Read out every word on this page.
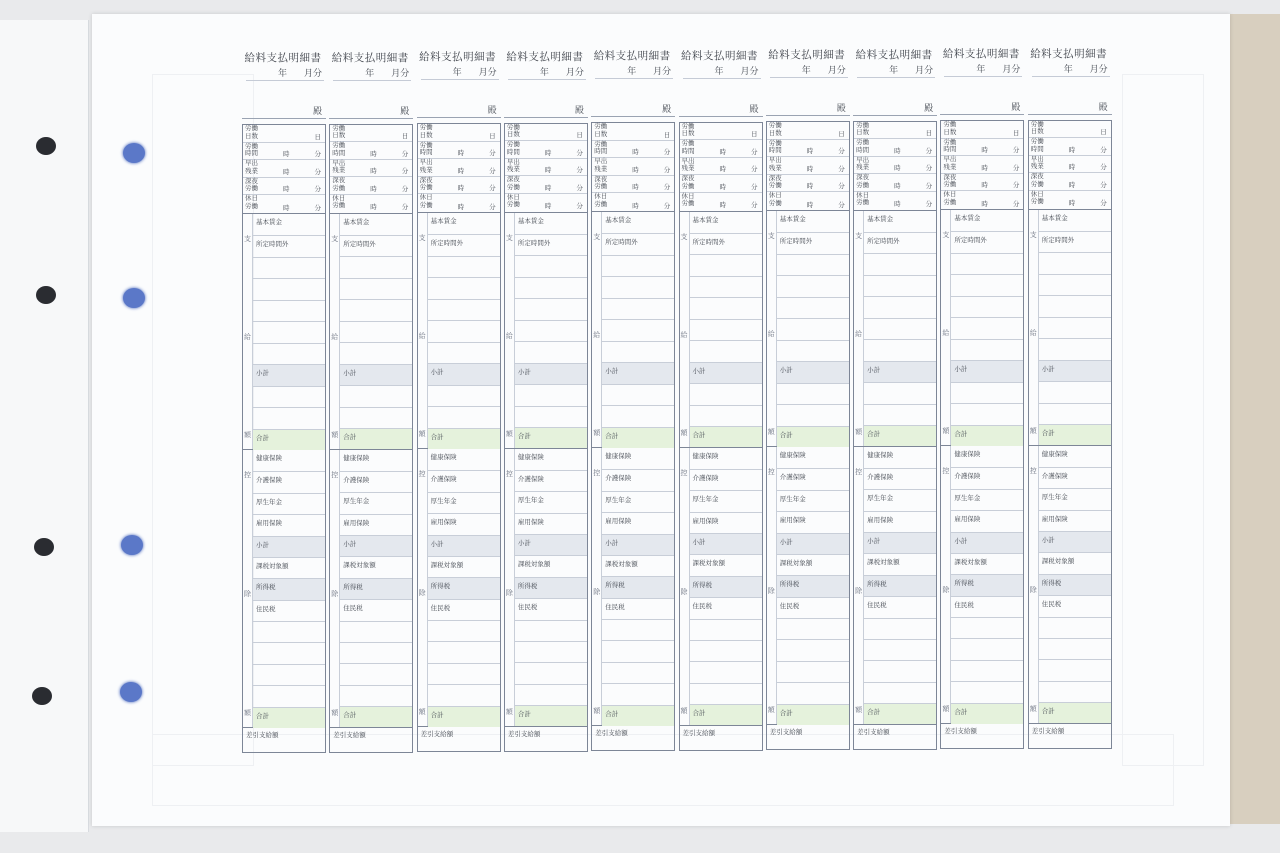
給料支払明細書
年 月分
殿
労働日数	日
労働時間	時	分
早出残業	時	分
深夜労働	時	分
休日労働	時	分
支
給
額
基本賃金
所定時間外
小計
合計
控
除
額
健康保険
介護保険
厚生年金
雇用保険
小計
課税対象額
所得税
住民税
合計
差引支給額
給料支払明細書
年 月分
殿
労働日数	日
労働時間	時	分
早出残業	時	分
深夜労働	時	分
休日労働	時	分
支
給
額
基本賃金
所定時間外
小計
合計
控
除
額
健康保険
介護保険
厚生年金
雇用保険
小計
課税対象額
所得税
住民税
合計
差引支給額
給料支払明細書
年 月分
殿
労働日数	日
労働時間	時	分
早出残業	時	分
深夜労働	時	分
休日労働	時	分
支
給
額
基本賃金
所定時間外
小計
合計
控
除
額
健康保険
介護保険
厚生年金
雇用保険
小計
課税対象額
所得税
住民税
合計
差引支給額
給料支払明細書
年 月分
殿
労働日数	日
労働時間	時	分
早出残業	時	分
深夜労働	時	分
休日労働	時	分
支
給
額
基本賃金
所定時間外
小計
合計
控
除
額
健康保険
介護保険
厚生年金
雇用保険
小計
課税対象額
所得税
住民税
合計
差引支給額
給料支払明細書
年 月分
殿
労働日数	日
労働時間	時	分
早出残業	時	分
深夜労働	時	分
休日労働	時	分
支
給
額
基本賃金
所定時間外
小計
合計
控
除
額
健康保険
介護保険
厚生年金
雇用保険
小計
課税対象額
所得税
住民税
合計
差引支給額
給料支払明細書
年 月分
殿
労働日数	日
労働時間	時	分
早出残業	時	分
深夜労働	時	分
休日労働	時	分
支
給
額
基本賃金
所定時間外
小計
合計
控
除
額
健康保険
介護保険
厚生年金
雇用保険
小計
課税対象額
所得税
住民税
合計
差引支給額
給料支払明細書
年 月分
殿
労働日数	日
労働時間	時	分
早出残業	時	分
深夜労働	時	分
休日労働	時	分
支
給
額
基本賃金
所定時間外
小計
合計
控
除
額
健康保険
介護保険
厚生年金
雇用保険
小計
課税対象額
所得税
住民税
合計
差引支給額
給料支払明細書
年 月分
殿
労働日数	日
労働時間	時	分
早出残業	時	分
深夜労働	時	分
休日労働	時	分
支
給
額
基本賃金
所定時間外
小計
合計
控
除
額
健康保険
介護保険
厚生年金
雇用保険
小計
課税対象額
所得税
住民税
合計
差引支給額
給料支払明細書
年 月分
殿
労働日数	日
労働時間	時	分
早出残業	時	分
深夜労働	時	分
休日労働	時	分
支
給
額
基本賃金
所定時間外
小計
合計
控
除
額
健康保険
介護保険
厚生年金
雇用保険
小計
課税対象額
所得税
住民税
合計
差引支給額
給料支払明細書
年 月分
殿
労働日数	日
労働時間	時	分
早出残業	時	分
深夜労働	時	分
休日労働	時	分
支
給
額
基本賃金
所定時間外
小計
合計
控
除
額
健康保険
介護保険
厚生年金
雇用保険
小計
課税対象額
所得税
住民税
合計
差引支給額
